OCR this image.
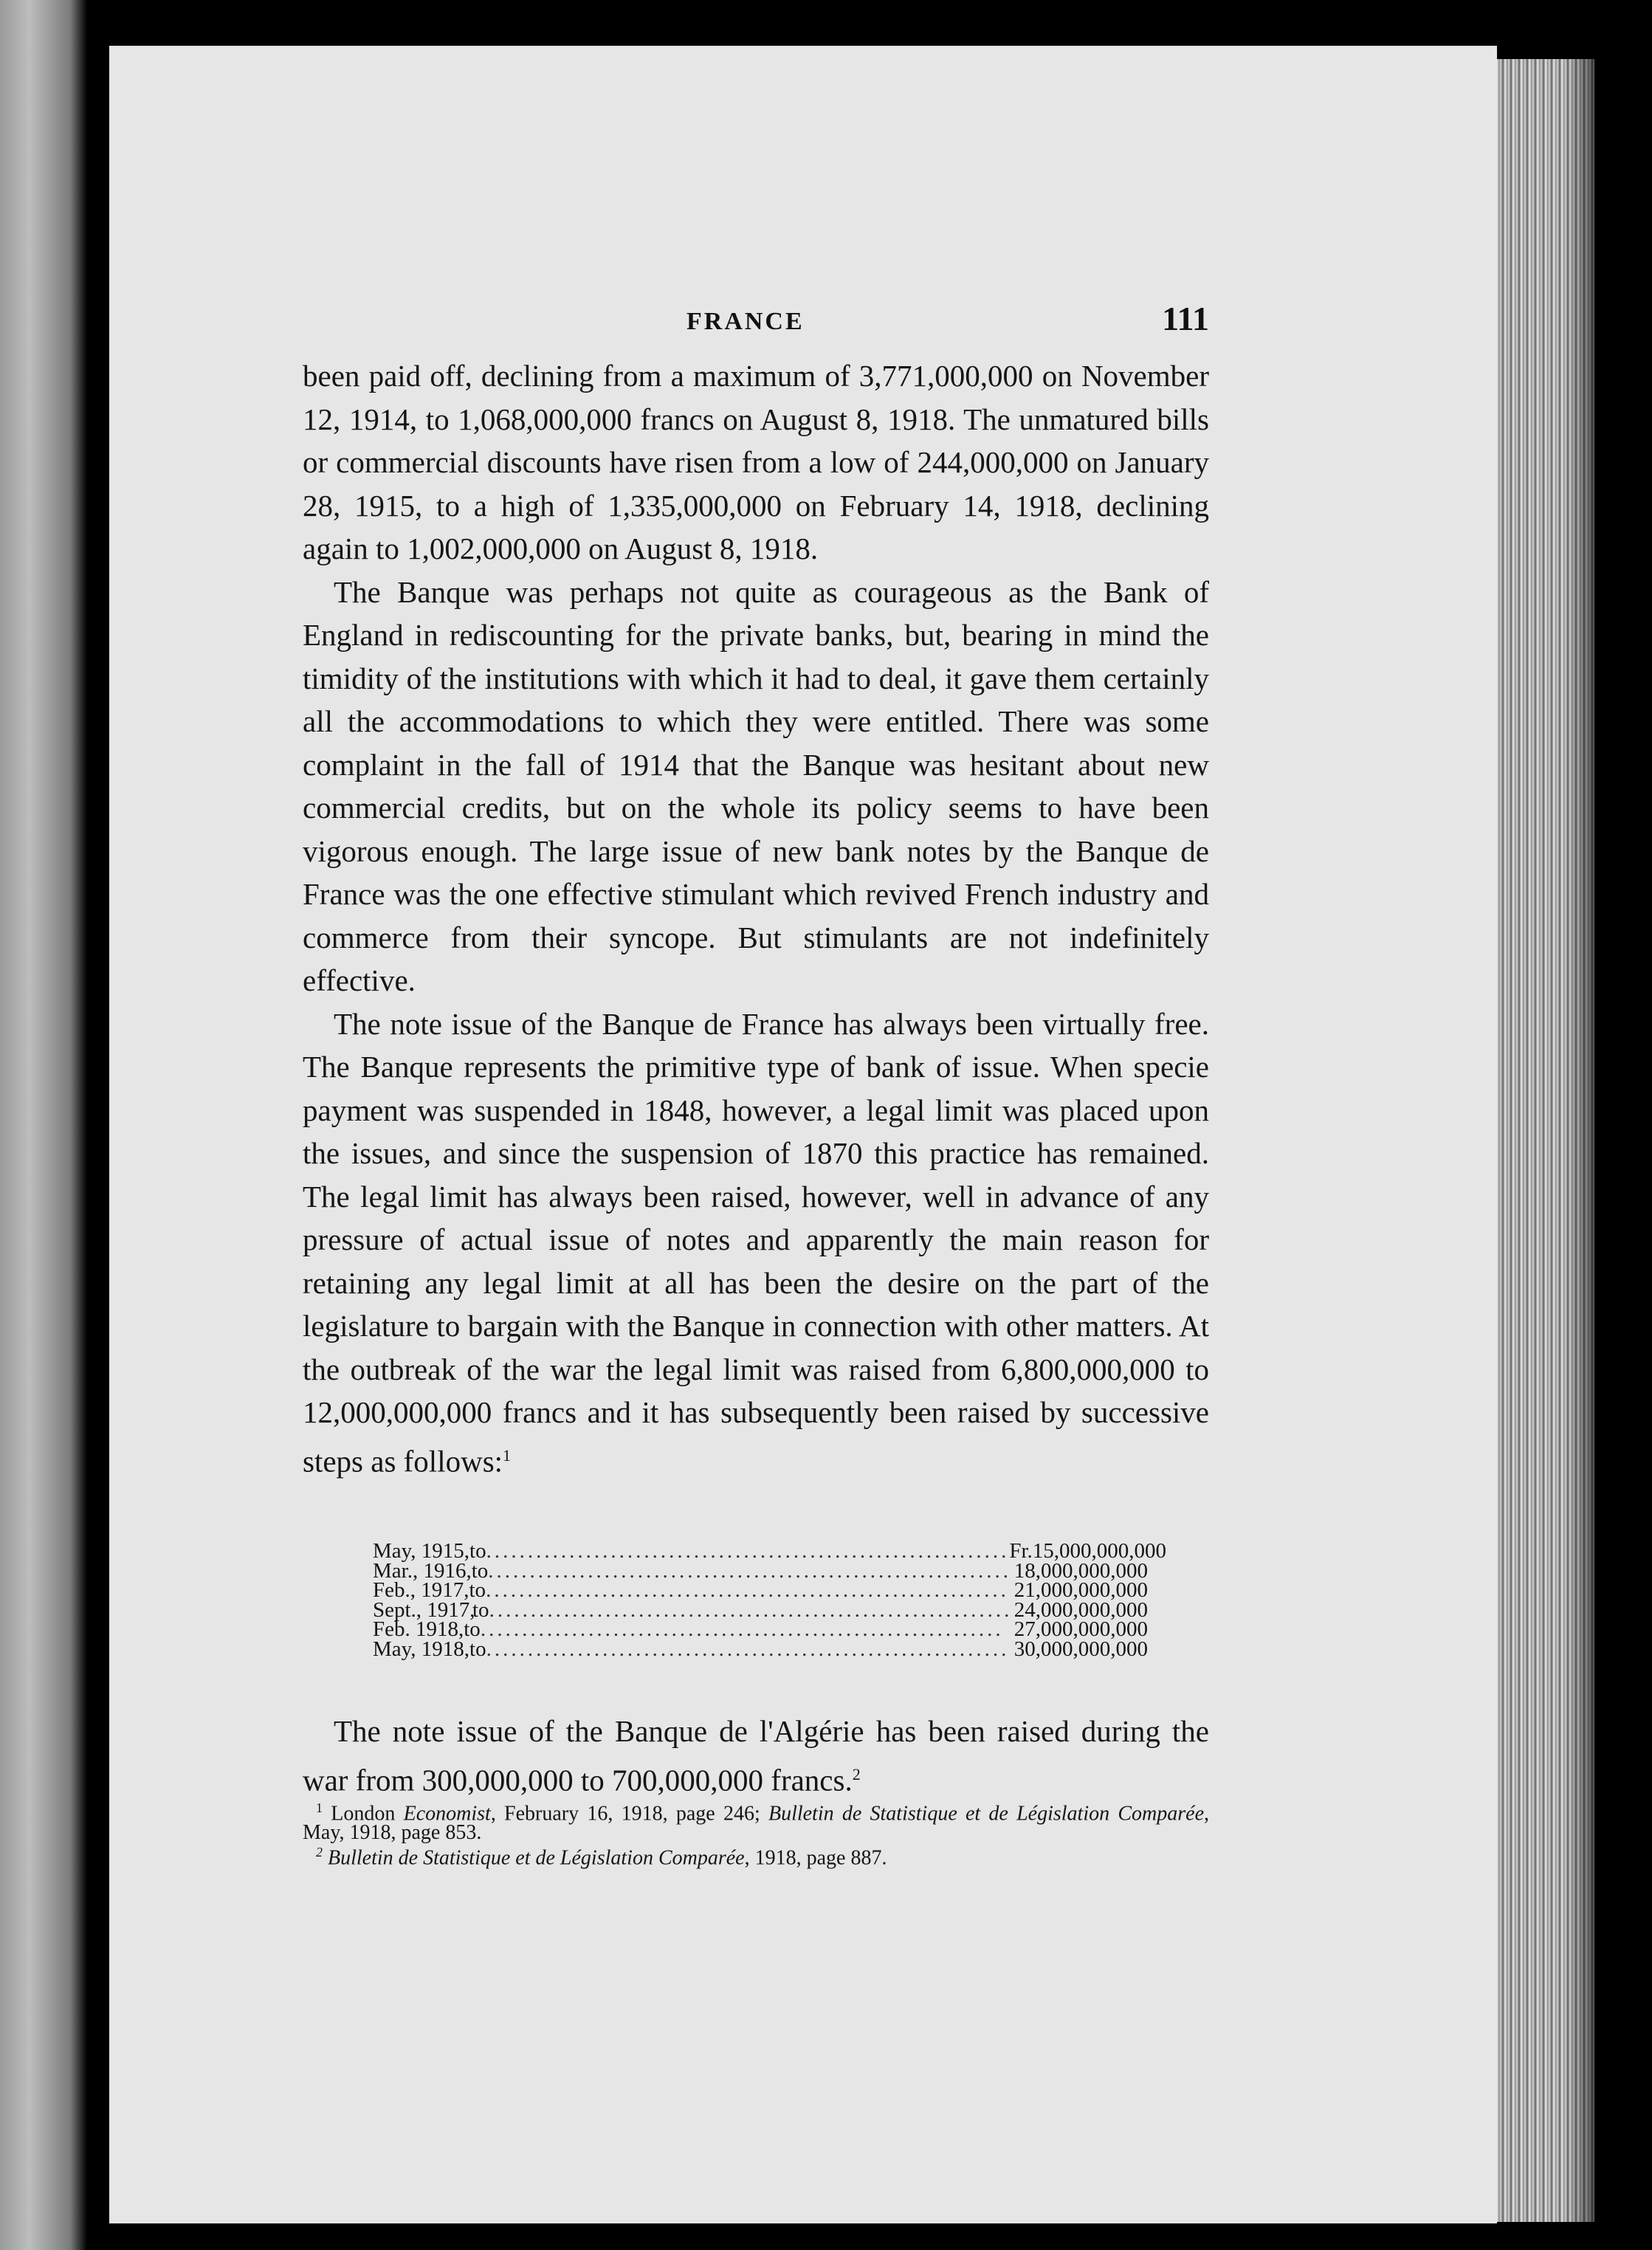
FRANCE	111

been paid off, declining from a maximum of 3,771,000,000 on November 12, 1914, to 1,068,000,000 francs on August 8, 1918. The unmatured bills or commercial discounts have risen from a low of 244,000,000 on January 28, 1915, to a high of 1,335,000,000 on February 14, 1918, declining again to 1,002,000,000 on August 8, 1918.

The Banque was perhaps not quite as courageous as the Bank of England in rediscounting for the private banks, but, bearing in mind the timidity of the institutions with which it had to deal, it gave them certainly all the accommodations to which they were entitled. There was some complaint in the fall of 1914 that the Banque was hesitant about new commercial credits, but on the whole its policy seems to have been vigorous enough. The large issue of new bank notes by the Banque de France was the one effective stimulant which revived French industry and commerce from their syncope. But stimulants are not indefinitely effective.

The note issue of the Banque de France has always been virtually free. The Banque represents the primitive type of bank of issue. When specie payment was suspended in 1848, however, a legal limit was placed upon the issues, and since the suspension of 1870 this practice has remained. The legal limit has always been raised, however, well in advance of any pressure of actual issue of notes and apparently the main reason for retaining any legal limit at all has been the desire on the part of the legislature to bargain with the Banque in connection with other matters. At the outbreak of the war the legal limit was raised from 6,800,000,000 to 12,000,000,000 francs and it has subsequently been raised by successive steps as follows:$^1$

May, 1915, to ............................................................... Fr. 15,000,000,000
Mar., 1916, to ............................................................... 18,000,000,000
Feb., 1917, to ............................................................... 21,000,000,000
Sept., 1917,
to ............................................................... 24,000,000,000
Feb. 1918, to ............................................................... 27,000,000,000
May, 1918, to ............................................................... 30,000,000,000

The note issue of the Banque de l'Algérie has been raised during the war from 300,000,000 to 700,000,000 francs.$^2$

$^1$ London Economist, February 16, 1918, page 246; Bulletin de Statistique et de Législation Comparée, May, 1918, page 853.

$^2$ Bulletin de Statistique et de Législation Comparée, 1918, page 887.
